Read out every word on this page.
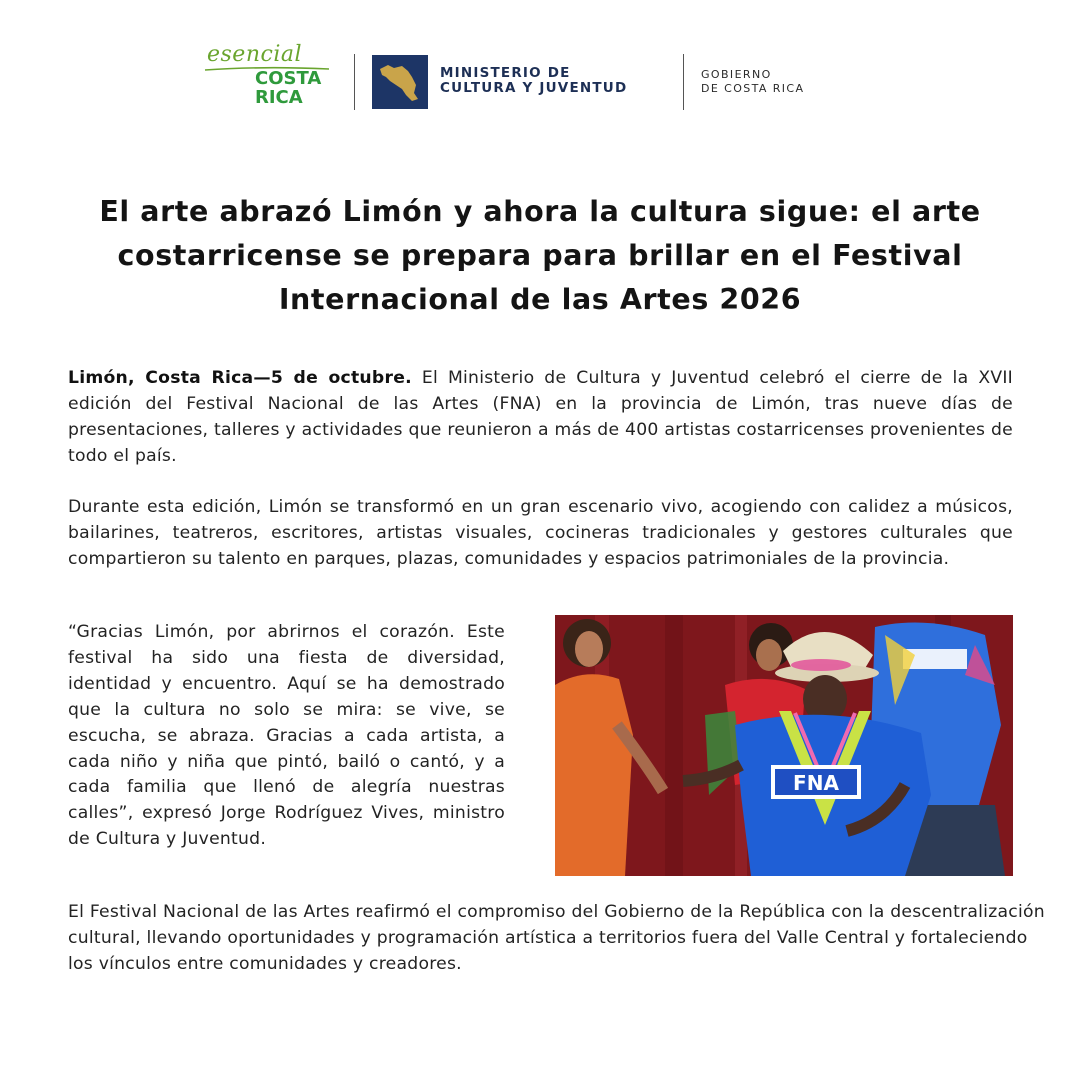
esencial
COSTA
RICA
MINISTERIO DE
CULTURA Y JUVENTUD
GOBIERNO
DE COSTA RICA
El arte abrazó Limón y ahora la cultura sigue: el arte costarricense se prepara para brillar en el Festival Internacional de las Artes 2026
Limón, Costa Rica—5 de octubre. El Ministerio de Cultura y Juventud celebró el cierre de la XVII edición del Festival Nacional de las Artes (FNA) en la provincia de Limón, tras nueve días de presentaciones, talleres y actividades que reunieron a más de 400 artistas costarricenses provenientes de todo el país.
Durante esta edición, Limón se transformó en un gran escenario vivo, acogiendo con calidez a músicos, bailarines, teatreros, escritores, artistas visuales, cocineras tradicionales y gestores culturales que compartieron su talento en parques, plazas, comunidades y espacios patrimoniales de la provincia.
“Gracias Limón, por abrirnos el corazón. Este festival ha sido una fiesta de diversidad, identidad y encuentro. Aquí se ha demostrado que la cultura no solo se mira: se vive, se escucha, se abraza. Gracias a cada artista, a cada niño y niña que pintó, bailó o cantó, y a cada familia que llenó de alegría nuestras calles”, expresó Jorge Rodríguez Vives, ministro de Cultura y Juventud.
FNA
El Festival Nacional de las Artes reafirmó el compromiso del Gobierno de la República con la descentralización cultural, llevando oportunidades y programación artística a territorios fuera del Valle Central y fortaleciendo los vínculos entre comunidades y creadores.
